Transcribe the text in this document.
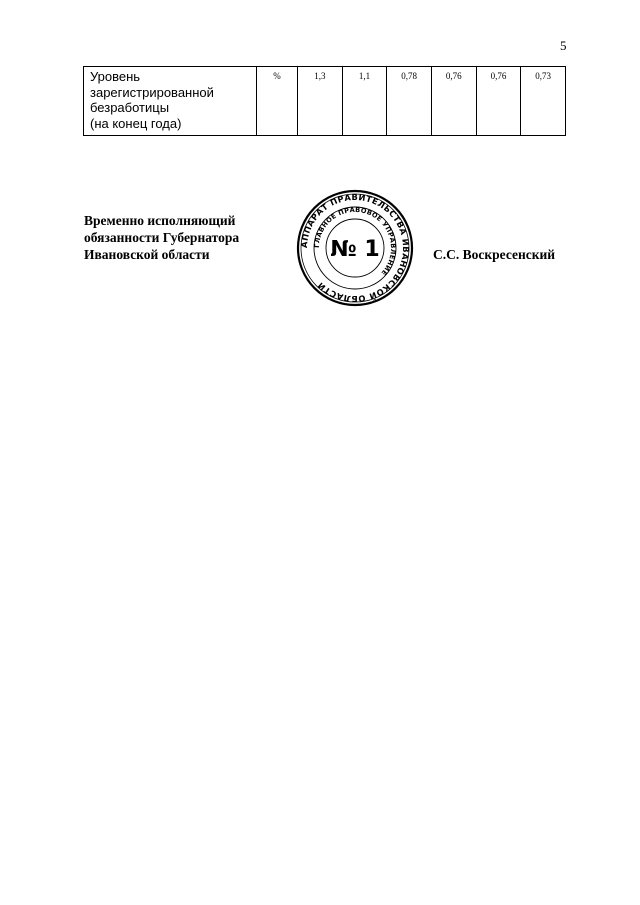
5
Уровень
зарегистрированной
безработицы
(на конец года)
	%	1,3	1,1	0,78	0,76	0,76	0,73
Временно исполняющий
обязанности Губернатора
Ивановской области
АППАРАТ ПРАВИТЕЛЬСТВА ИВАНОВСКОЙ ОБЛАСТИ
ГЛАВНОЕ ПРАВОВОЕ УПРАВЛЕНИЕ
№ 1	С.С. Воскресенский
